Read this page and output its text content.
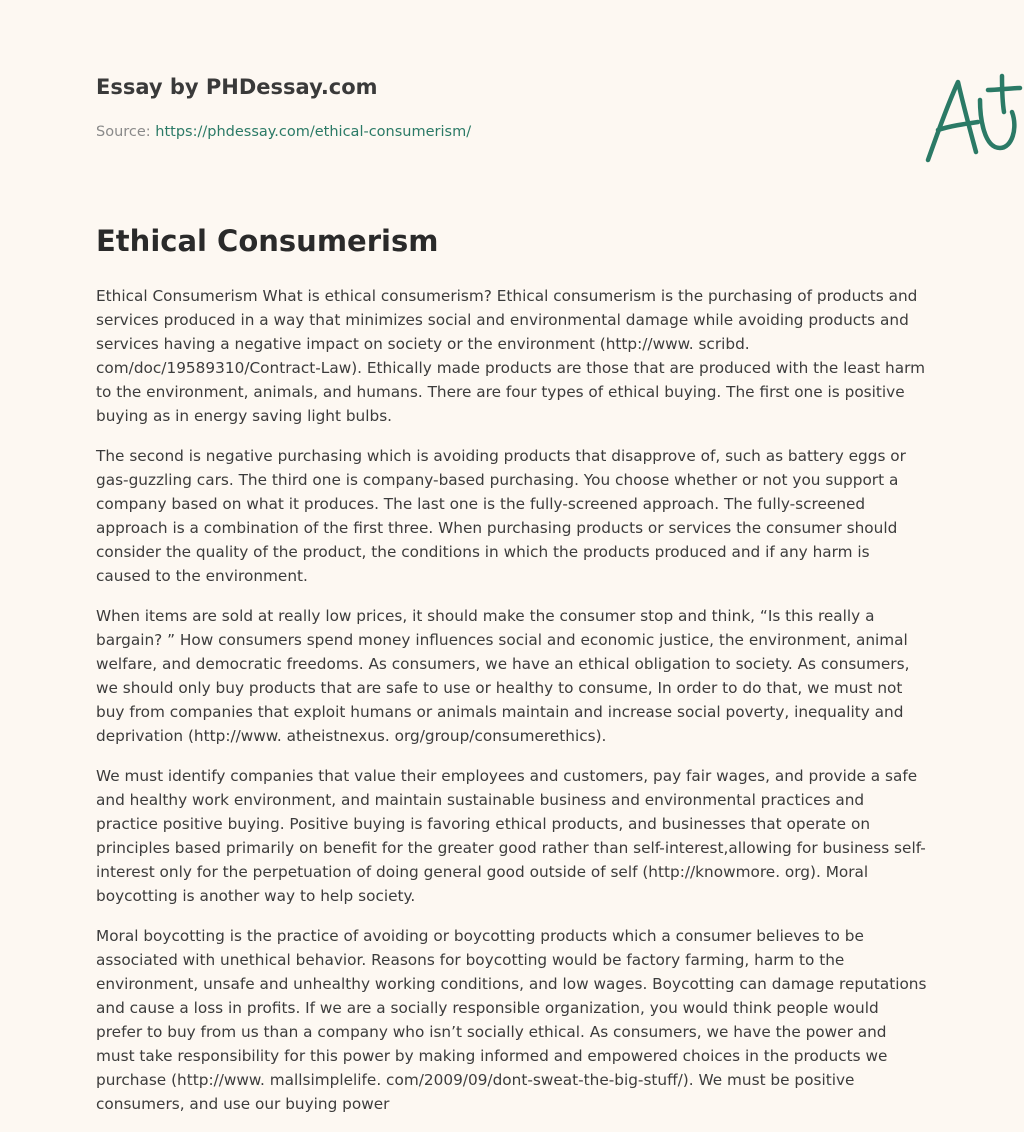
Essay by PHDessay.com

Source: https://phdessay.com/ethical-consumerism/

Ethical Consumerism

Ethical Consumerism What is ethical consumerism? Ethical consumerism is the purchasing of products and services produced in a way that minimizes social and environmental damage while avoiding products and services having a negative impact on society or the environment (http://www. scribd. com/doc/19589310/Contract-Law). Ethically made products are those that are produced with the least harm to the environment, animals, and humans. There are four types of ethical buying. The first one is positive buying as in energy saving light bulbs.

The second is negative purchasing which is avoiding products that disapprove of, such as battery eggs or gas-guzzling cars. The third one is company-based purchasing. You choose whether or not you support a company based on what it produces. The last one is the fully-screened approach. The fully-screened approach is a combination of the first three. When purchasing products or services the consumer should consider the quality of the product, the conditions in which the products produced and if any harm is caused to the environment.

When items are sold at really low prices, it should make the consumer stop and think, “Is this really a bargain? ” How consumers spend money influences social and economic justice, the environment, animal welfare, and democratic freedoms. As consumers, we have an ethical obligation to society. As consumers, we should only buy products that are safe to use or healthy to consume, In order to do that, we must not buy from companies that exploit humans or animals maintain and increase social poverty, inequality and deprivation (http://www. atheistnexus. org/group/consumerethics).

We must identify companies that value their employees and customers, pay fair wages, and provide a safe and healthy work environment, and maintain sustainable business and environmental practices and practice positive buying. Positive buying is favoring ethical products, and businesses that operate on principles based primarily on benefit for the greater good rather than self-interest,allowing for business self-interest only for the perpetuation of doing general good outside of self (http://knowmore. org). Moral boycotting is another way to help society.

Moral boycotting is the practice of avoiding or boycotting products which a consumer believes to be associated with unethical behavior. Reasons for boycotting would be factory farming, harm to the environment, unsafe and unhealthy working conditions, and low wages. Boycotting can damage reputations and cause a loss in profits. If we are a socially responsible organization, you would think people would prefer to buy from us than a company who isn’t socially ethical. As consumers, we have the power and must take responsibility for this power by making informed and empowered choices in the products we purchase (http://www. mallsimplelife. com/2009/09/dont-sweat-the-big-stuff/). We must be positive consumers, and use our buying power
